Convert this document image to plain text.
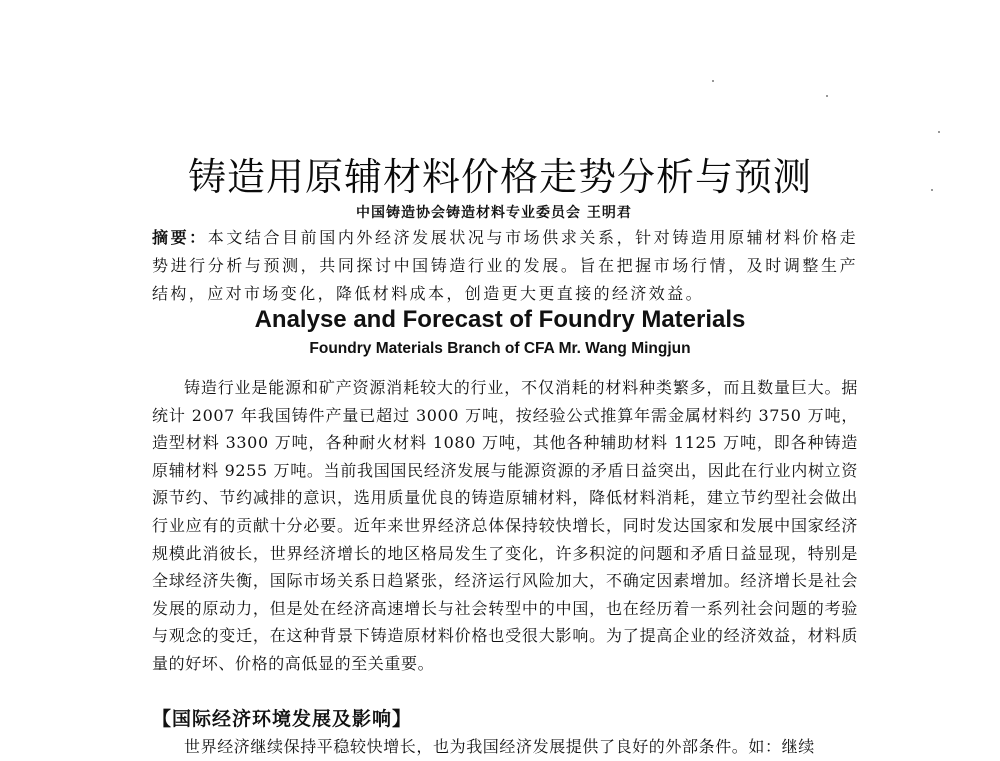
铸造用原辅材料价格走势分析与预测
中国铸造协会铸造材料专业委员会 王明君

摘要：本文结合目前国内外经济发展状况与市场供求关系，针对铸造用原辅材料价格走势进行分析与预测，共同探讨中国铸造行业的发展。旨在把握市场行情，及时调整生产结构，应对市场变化，降低材料成本，创造更大更直接的经济效益。

Analyse and Forecast of Foundry Materials
Foundry Materials Branch of CFA Mr. Wang Mingjun

铸造行业是能源和矿产资源消耗较大的行业，不仅消耗的材料种类繁多，而且数量巨大。据统计 2007 年我国铸件产量已超过 3000 万吨，按经验公式推算年需金属材料约 3750 万吨，造型材料 3300 万吨，各种耐火材料 1080 万吨，其他各种辅助材料 1125 万吨，即各种铸造原辅材料 9255 万吨。当前我国国民经济发展与能源资源的矛盾日益突出，因此在行业内树立资源节约、节约减排的意识，选用质量优良的铸造原辅材料，降低材料消耗，建立节约型社会做出行业应有的贡献十分必要。近年来世界经济总体保持较快增长，同时发达国家和发展中国家经济规模此消彼长，世界经济增长的地区格局发生了变化，许多积淀的问题和矛盾日益显现，特别是全球经济失衡，国际市场关系日趋紧张，经济运行风险加大，不确定因素增加。经济增长是社会发展的原动力，但是处在经济高速增长与社会转型中的中国，也在经历着一系列社会问题的考验与观念的变迁，在这种背景下铸造原材料价格也受很大影响。为了提高企业的经济效益，材料质量的好坏、价格的高低显的至关重要。

【国际经济环境发展及影响】

世界经济继续保持平稳较快增长，也为我国经济发展提供了良好的外部条件。如：继续
